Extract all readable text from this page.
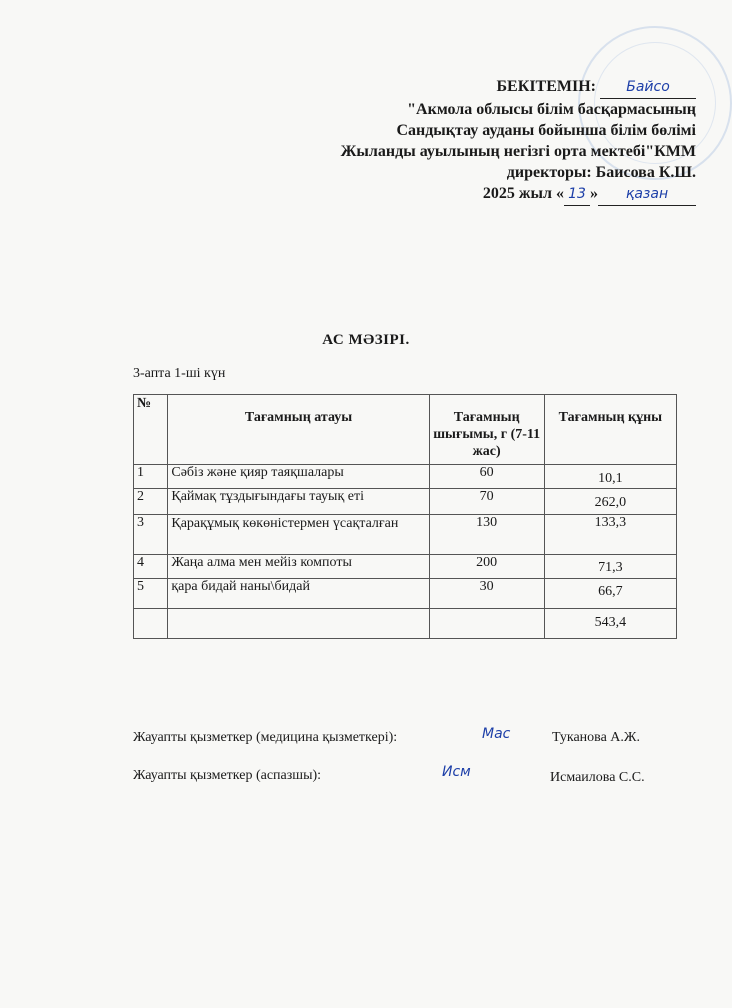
БЕКІТЕМІН: Байсо
"Акмола облысы білім басқармасының
Сандықтау ауданы бойынша білім бөлімі
Жыланды ауылының негізгі орта мектебі"КММ
директоры: Баисова К.Ш.
2025 жыл « 13 » қазан
АС МӘЗІРІ.
3-апта 1-ші күн
№	Тағамның атауы	Тағамның шығымы, г (7-11 жас)	Тағамның құны
1	Сәбіз және қияр таяқшалары	60	10,1
2	Қаймақ тұздығындағы тауық еті	70	262,0
3	Қарақұмық көкөністермен үсақталған	130	133,3
4	Жаңа алма мен мейіз компоты	200	71,3
5	қара бидай наны\бидай	30	66,7
			543,4
Жауапты қызметкер (медицина қызметкері):	Мас	Туканова А.Ж.
Жауапты қызметкер (аспазшы):	Исм	Исмаилова С.С.
